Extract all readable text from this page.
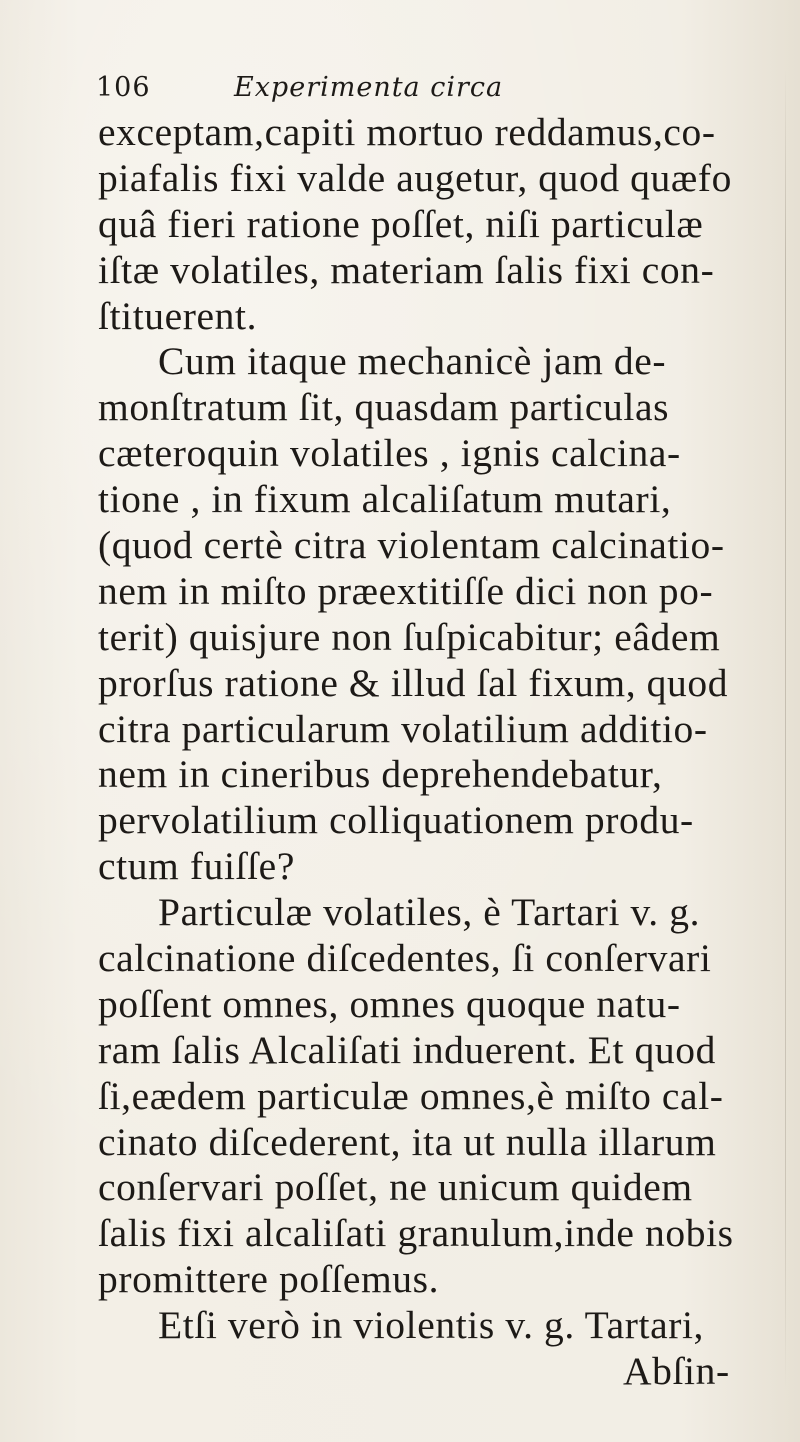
106	Experimenta circa
exceptam,capiti mortuo reddamus,co-
piafalis fixi valde augetur, quod quæfo
quâ fieri ratione poſſet, niſi particulæ
iſtæ volatiles, materiam ſalis fixi con-
ſtituerent.
Cum itaque mechanicè jam de-
monſtratum ſit, quasdam particulas
cæteroquin volatiles , ignis calcina-
tione , in fixum alcaliſatum mutari,
(quod certè citra violentam calcinatio-
nem in miſto præextitiſſe dici non po-
terit) quisjure non ſuſpicabitur; eâdem
prorſus ratione & illud ſal fixum, quod
citra particularum volatilium additio-
nem in cineribus deprehendebatur,
pervolatilium colliquationem produ-
ctum fuiſſe?
Particulæ volatiles, è Tartari v. g.
calcinatione diſcedentes, ſi conſervari
poſſent omnes, omnes quoque natu-
ram ſalis Alcaliſati induerent. Et quod
ſi,eædem particulæ omnes,è miſto cal-
cinato diſcederent, ita ut nulla illarum
conſervari poſſet, ne unicum quidem
ſalis fixi alcaliſati granulum,inde nobis
promittere poſſemus.
Etſi verò in violentis v. g. Tartari,
Abſin-
